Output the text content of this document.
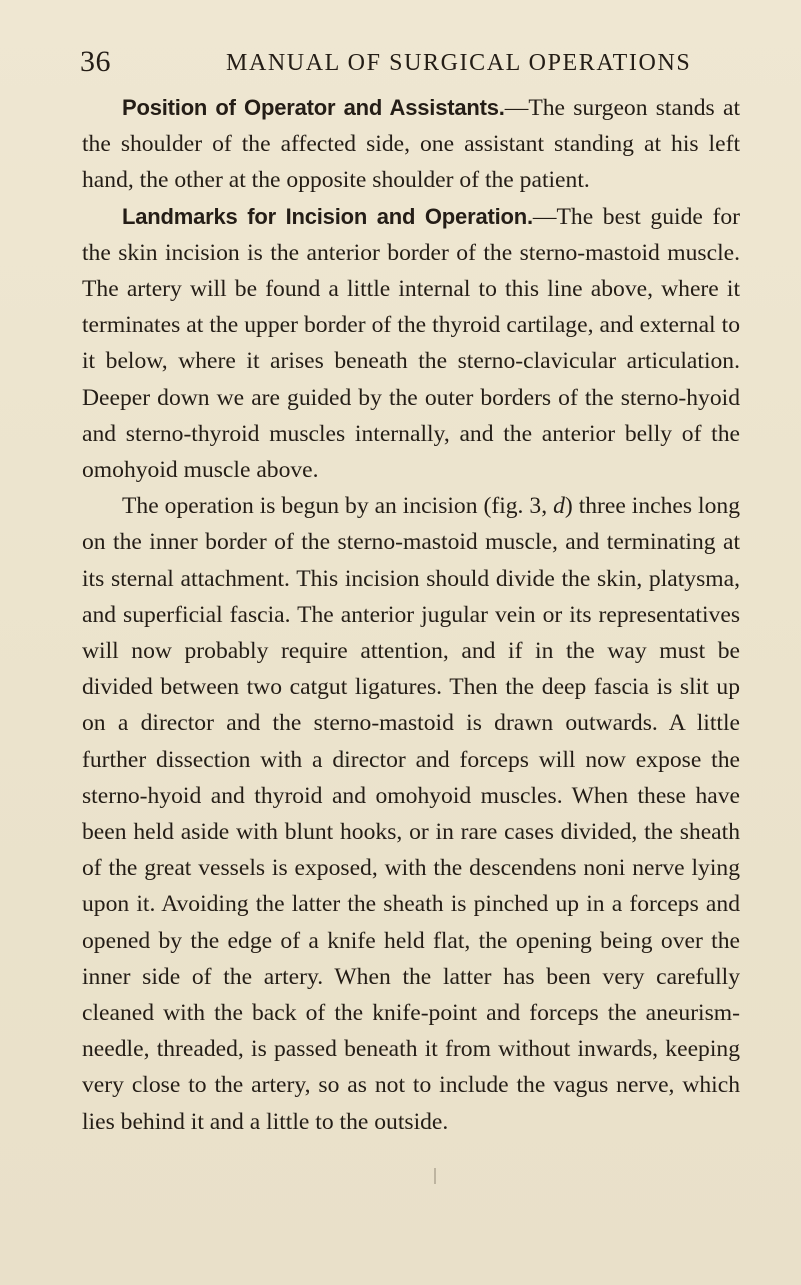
36	MANUAL OF SURGICAL OPERATIONS

Position of Operator and Assistants.—The surgeon stands at the shoulder of the affected side, one assistant standing at his left hand, the other at the opposite shoulder of the patient.

Landmarks for Incision and Operation.—The best guide for the skin incision is the anterior border of the sterno-mastoid muscle. The artery will be found a little internal to this line above, where it terminates at the upper border of the thyroid cartilage, and external to it below, where it arises beneath the sterno-clavicular articulation. Deeper down we are guided by the outer borders of the sterno-hyoid and sterno-thyroid muscles internally, and the anterior belly of the omohyoid muscle above.

The operation is begun by an incision (fig. 3, d) three inches long on the inner border of the sterno-mastoid muscle, and terminating at its sternal attachment. This incision should divide the skin, platysma, and superficial fascia. The anterior jugular vein or its representatives will now probably require attention, and if in the way must be divided between two catgut ligatures. Then the deep fascia is slit up on a director and the sterno-mastoid is drawn outwards. A little further dissection with a director and forceps will now expose the sterno-hyoid and thyroid and omohyoid muscles. When these have been held aside with blunt hooks, or in rare cases divided, the sheath of the great vessels is exposed, with the descendens noni nerve lying upon it. Avoiding the latter the sheath is pinched up in a forceps and opened by the edge of a knife held flat, the opening being over the inner side of the artery. When the latter has been very carefully cleaned with the back of the knife-point and forceps the aneurism-needle, threaded, is passed beneath it from without inwards, keeping very close to the artery, so as not to include the vagus nerve, which lies behind it and a little to the outside.
